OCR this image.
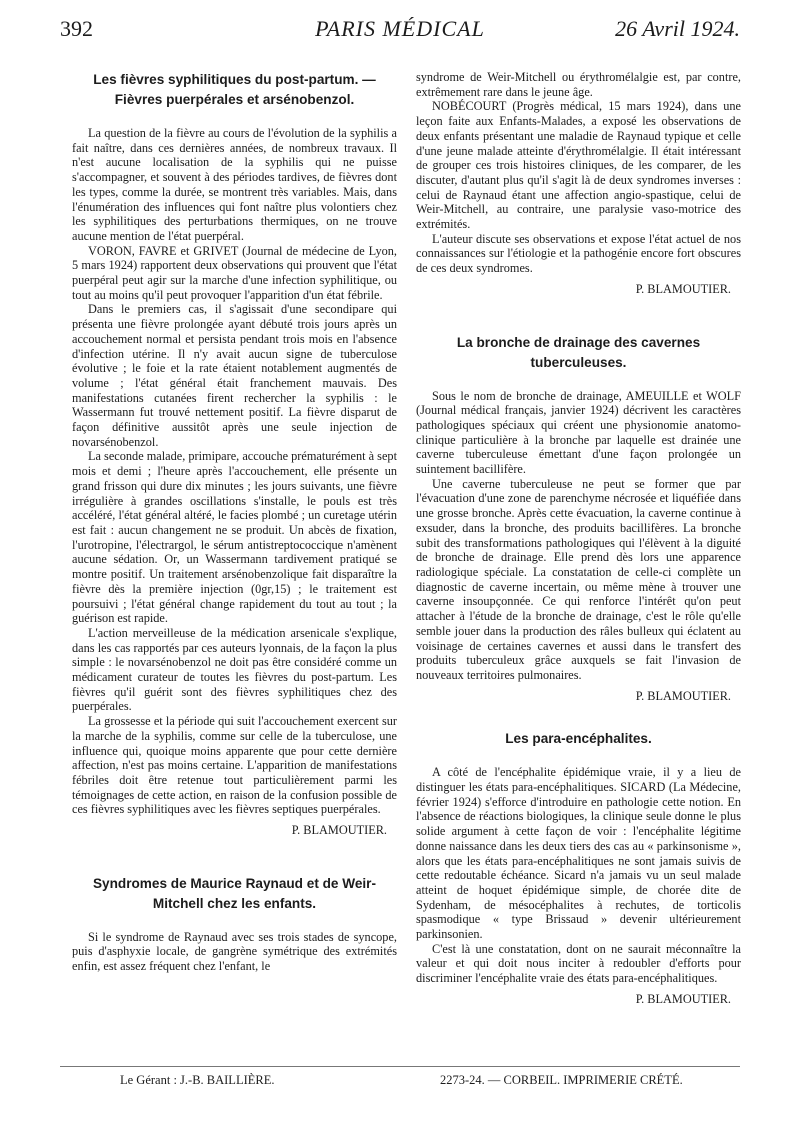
392	PARIS MÉDICAL	26 Avril 1924.
Les fièvres syphilitiques du post-partum. — Fièvres puerpérales et arsénobenzol.

La question de la fièvre au cours de l'évolution de la syphilis a fait naître, dans ces dernières années, de nombreux travaux. Il n'est aucune localisation de la syphilis qui ne puisse s'accompagner, et souvent à des périodes tardives, de fièvres dont les types, comme la durée, se montrent très variables. Mais, dans l'énumération des influences qui font naître plus volontiers chez les syphilitiques des perturbations thermiques, on ne trouve aucune mention de l'état puerpéral.

VORON, FAVRE et GRIVET (Journal de médecine de Lyon, 5 mars 1924) rapportent deux observations qui prouvent que l'état puerpéral peut agir sur la marche d'une infection syphilitique, ou tout au moins qu'il peut provoquer l'apparition d'un état fébrile.

Dans le premiers cas, il s'agissait d'une secondipare qui présenta une fièvre prolongée ayant débuté trois jours après un accouchement normal et persista pendant trois mois en l'absence d'infection utérine. Il n'y avait aucun signe de tuberculose évolutive ; le foie et la rate étaient notablement augmentés de volume ; l'état général était franchement mauvais. Des manifestations cutanées firent rechercher la syphilis : le Wassermann fut trouvé nettement positif. La fièvre disparut de façon définitive aussitôt après une seule injection de novarsénobenzol.

La seconde malade, primipare, accouche prématurément à sept mois et demi ; l'heure après l'accouchement, elle présente un grand frisson qui dure dix minutes ; les jours suivants, une fièvre irrégulière à grandes oscillations s'installe, le pouls est très accéléré, l'état général altéré, le facies plombé ; un curetage utérin est fait : aucun changement ne se produit. Un abcès de fixation, l'urotropine, l'électrargol, le sérum antistreptococcique n'amènent aucune sédation. Or, un Wassermann tardivement pratiqué se montre positif. Un traitement arsénobenzolique fait disparaître la fièvre dès la première injection (0gr,15) ; le traitement est poursuivi ; l'état général change rapidement du tout au tout ; la guérison est rapide.

L'action merveilleuse de la médication arsenicale s'explique, dans les cas rapportés par ces auteurs lyonnais, de la façon la plus simple : le novarsénobenzol ne doit pas être considéré comme un médicament curateur de toutes les fièvres du post-partum. Les fièvres qu'il guérit sont des fièvres syphilitiques chez des puerpérales.

La grossesse et la période qui suit l'accouchement exercent sur la marche de la syphilis, comme sur celle de la tuberculose, une influence qui, quoique moins apparente que pour cette dernière affection, n'est pas moins certaine. L'apparition de manifestations fébriles doit être retenue tout particulièrement parmi les témoignages de cette action, en raison de la confusion possible de ces fièvres syphilitiques avec les fièvres septiques puerpérales.

P. BLAMOUTIER.
Syndromes de Maurice Raynaud et de Weir-Mitchell chez les enfants.

Si le syndrome de Raynaud avec ses trois stades de syncope, puis d'asphyxie locale, de gangrène symétrique des extrémités enfin, est assez fréquent chez l'enfant, le

syndrome de Weir-Mitchell ou érythromélalgie est, par contre, extrêmement rare dans le jeune âge.

NOBÉCOURT (Progrès médical, 15 mars 1924), dans une leçon faite aux Enfants-Malades, a exposé les observations de deux enfants présentant une maladie de Raynaud typique et celle d'une jeune malade atteinte d'érythromélalgie. Il était intéressant de grouper ces trois histoires cliniques, de les comparer, de les discuter, d'autant plus qu'il s'agit là de deux syndromes inverses : celui de Raynaud étant une affection angio-spastique, celui de Weir-Mitchell, au contraire, une paralysie vaso-motrice des extrémités.

L'auteur discute ses observations et expose l'état actuel de nos connaissances sur l'étiologie et la pathogénie encore fort obscures de ces deux syndromes.

P. BLAMOUTIER.
La bronche de drainage des cavernes tuberculeuses.

Sous le nom de bronche de drainage, AMEUILLE et WOLF (Journal médical français, janvier 1924) décrivent les caractères pathologiques spéciaux qui créent une physionomie anatomo-clinique particulière à la bronche par laquelle est drainée une caverne tuberculeuse émettant d'une façon prolongée un suintement bacillifère.

Une caverne tuberculeuse ne peut se former que par l'évacuation d'une zone de parenchyme nécrosée et liquéfiée dans une grosse bronche. Après cette évacuation, la caverne continue à exsuder, dans la bronche, des produits bacillifères. La bronche subit des transformations pathologiques qui l'élèvent à la diguité de bronche de drainage. Elle prend dès lors une apparence radiologique spéciale. La constatation de celle-ci complète un diagnostic de caverne incertain, ou même mène à trouver une caverne insoupçonnée. Ce qui renforce l'intérêt qu'on peut attacher à l'étude de la bronche de drainage, c'est le rôle qu'elle semble jouer dans la production des râles bulleux qui éclatent au voisinage de certaines cavernes et aussi dans le transfert des produits tuberculeux grâce auxquels se fait l'invasion de nouveaux territoires pulmonaires.

P. BLAMOUTIER.
Les para-encéphalites.

A côté de l'encéphalite épidémique vraie, il y a lieu de distinguer les états para-encéphalitiques. SICARD (La Médecine, février 1924) s'efforce d'introduire en pathologie cette notion. En l'absence de réactions biologiques, la clinique seule donne le plus solide argument à cette façon de voir : l'encéphalite légitime donne naissance dans les deux tiers des cas au « parkinsonisme », alors que les états para-encéphalitiques ne sont jamais suivis de cette redoutable échéance. Sicard n'a jamais vu un seul malade atteint de hoquet épidémique simple, de chorée dite de Sydenham, de mésocéphalites à rechutes, de torticolis spasmodique « type Brissaud » devenir ultérieurement parkinsonien.

C'est là une constatation, dont on ne saurait méconnaître la valeur et qui doit nous inciter à redoubler d'efforts pour discriminer l'encéphalite vraie des états para-encéphalitiques.

P. BLAMOUTIER.
Le Gérant : J.-B. BAILLIÈRE.	2273-24. — CORBEIL. IMPRIMERIE CRÉTÉ.
